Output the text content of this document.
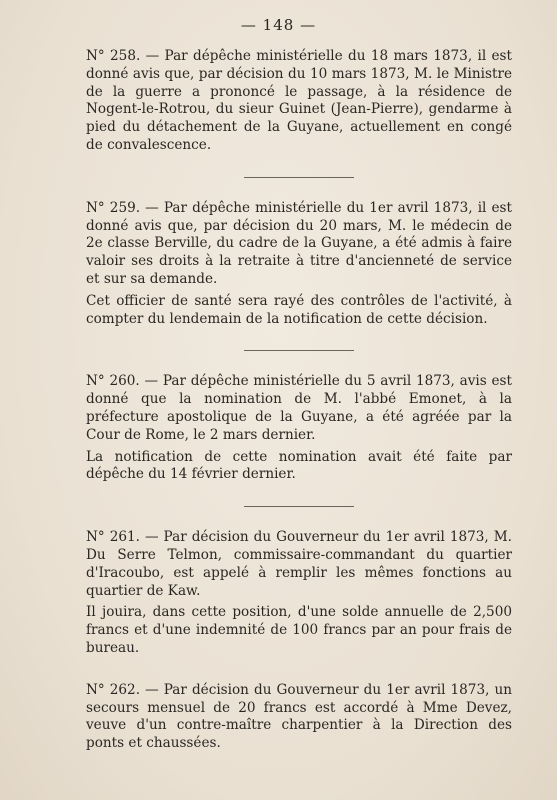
— 148 —

N° 258. — Par dépêche ministérielle du 18 mars 1873, il est donné avis que, par décision du 10 mars 1873, M. le Ministre de la guerre a prononcé le passage, à la résidence de Nogent-le-Rotrou, du sieur Guinet (Jean-Pierre), gendarme à pied du détachement de la Guyane, actuellement en congé de convalescence.

N° 259. — Par dépêche ministérielle du 1er avril 1873, il est donné avis que, par décision du 20 mars, M. le médecin de 2e classe Berville, du cadre de la Guyane, a été admis à faire valoir ses droits à la retraite à titre d'ancienneté de service et sur sa demande.

Cet officier de santé sera rayé des contrôles de l'activité, à compter du lendemain de la notification de cette décision.

N° 260. — Par dépêche ministérielle du 5 avril 1873, avis est donné que la nomination de M. l'abbé Emonet, à la préfecture apostolique de la Guyane, a été agréée par la Cour de Rome, le 2 mars dernier.

La notification de cette nomination avait été faite par dépêche du 14 février dernier.

N° 261. — Par décision du Gouverneur du 1er avril 1873, M. Du Serre Telmon, commissaire-commandant du quartier d'Iracoubo, est appelé à remplir les mêmes fonctions au quartier de Kaw.

Il jouira, dans cette position, d'une solde annuelle de 2,500 francs et d'une indemnité de 100 francs par an pour frais de bureau.

N° 262. — Par décision du Gouverneur du 1er avril 1873, un secours mensuel de 20 francs est accordé à Mme Devez, veuve d'un contre-maître charpentier à la Direction des ponts et chaussées.
